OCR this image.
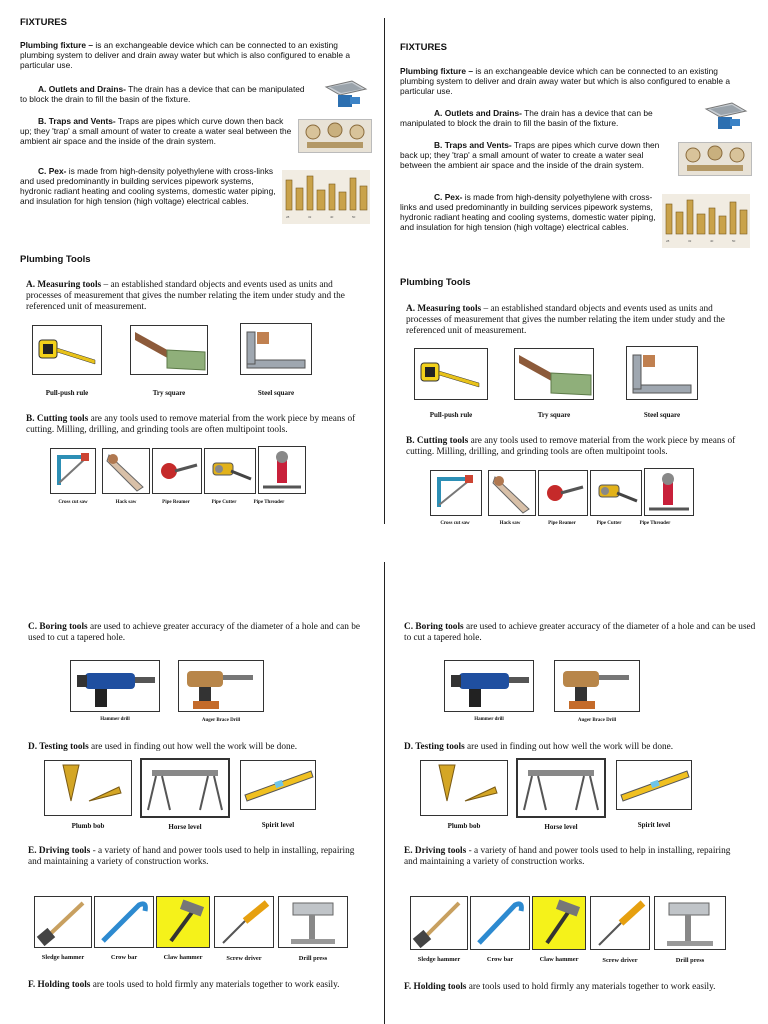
FIXTURES
Plumbing fixture – is an exchangeable device which can be connected to an existing plumbing system to deliver and drain away water but which is also configured to enable a particular use.

A. Outlets and Drains- The drain has a device that can be manipulated to block the drain to fill the basin of the fixture.

B. Traps and Vents- Traps are pipes which curve down then back up; they 'trap' a small amount of water to create a water seal between the ambient air space and the inside of the drain system.

C. Pex- is made from high-density polyethylene with cross-links and used predominantly in building services pipework systems, hydronic radiant heating and cooling systems, domestic water piping, and insulation for high tension (high voltage) electrical cables.

28	32	40	50
Plumbing Tools
A. Measuring tools – an established standard objects and events used as units and processes of measurement that gives the number relating the item under study and the referenced unit of measurement.
Pull-push rule	Try square	Steel square
B. Cutting tools are any tools used to remove material from the work piece by means of cutting. Milling, drilling, and grinding tools are often multipoint tools.
Cross cut saw	Hack saw	Pipe Reamer	Pipe Cutter	Pipe Threader
FIXTURES
Plumbing fixture – is an exchangeable device which can be connected to an existing plumbing system to deliver and drain away water but which is also configured to enable a particular use.

A. Outlets and Drains- The drain has a device that can be manipulated to block the drain to fill the basin of the fixture.

B. Traps and Vents- Traps are pipes which curve down then back up; they 'trap' a small amount of water to create a water seal between the ambient air space and the inside of the drain system.

C. Pex- is made from high-density polyethylene with cross-links and used predominantly in building services pipework systems, hydronic radiant heating and cooling systems, domestic water piping, and insulation for high tension (high voltage) electrical cables.

28	32	40	50
Plumbing Tools
A. Measuring tools – an established standard objects and events used as units and processes of measurement that gives the number relating the item under study and the referenced unit of measurement.
Pull-push rule	Try square	Steel square
B. Cutting tools are any tools used to remove material from the work piece by means of cutting. Milling, drilling, and grinding tools are often multipoint tools.
Cross cut saw	Hack saw	Pipe Reamer	Pipe Cutter	Pipe Threader
C. Boring tools are used to achieve greater accuracy of the diameter of a hole and can be used to cut a tapered hole.
Hammer drill	Auger Brace Drill
D. Testing tools are used in finding out how well the work will be done.
Plumb bob	Horse level	Spirit level
E. Driving tools - a variety of hand and power tools used to help in installing, repairing and maintaining a variety of construction works.
Sledge hammer	Crow bar	Claw hammer	Screw driver	Drill press
F. Holding tools are tools used to hold firmly any materials together to work easily.
C. Boring tools are used to achieve greater accuracy of the diameter of a hole and can be used to cut a tapered hole.
Hammer drill	Auger Brace Drill
D. Testing tools are used in finding out how well the work will be done.
Plumb bob	Horse level	Spirit level
E. Driving tools - a variety of hand and power tools used to help in installing, repairing and maintaining a variety of construction works.
Sledge hammer	Crow bar	Claw hammer	Screw driver	Drill press
F. Holding tools are tools used to hold firmly any materials together to work easily.
